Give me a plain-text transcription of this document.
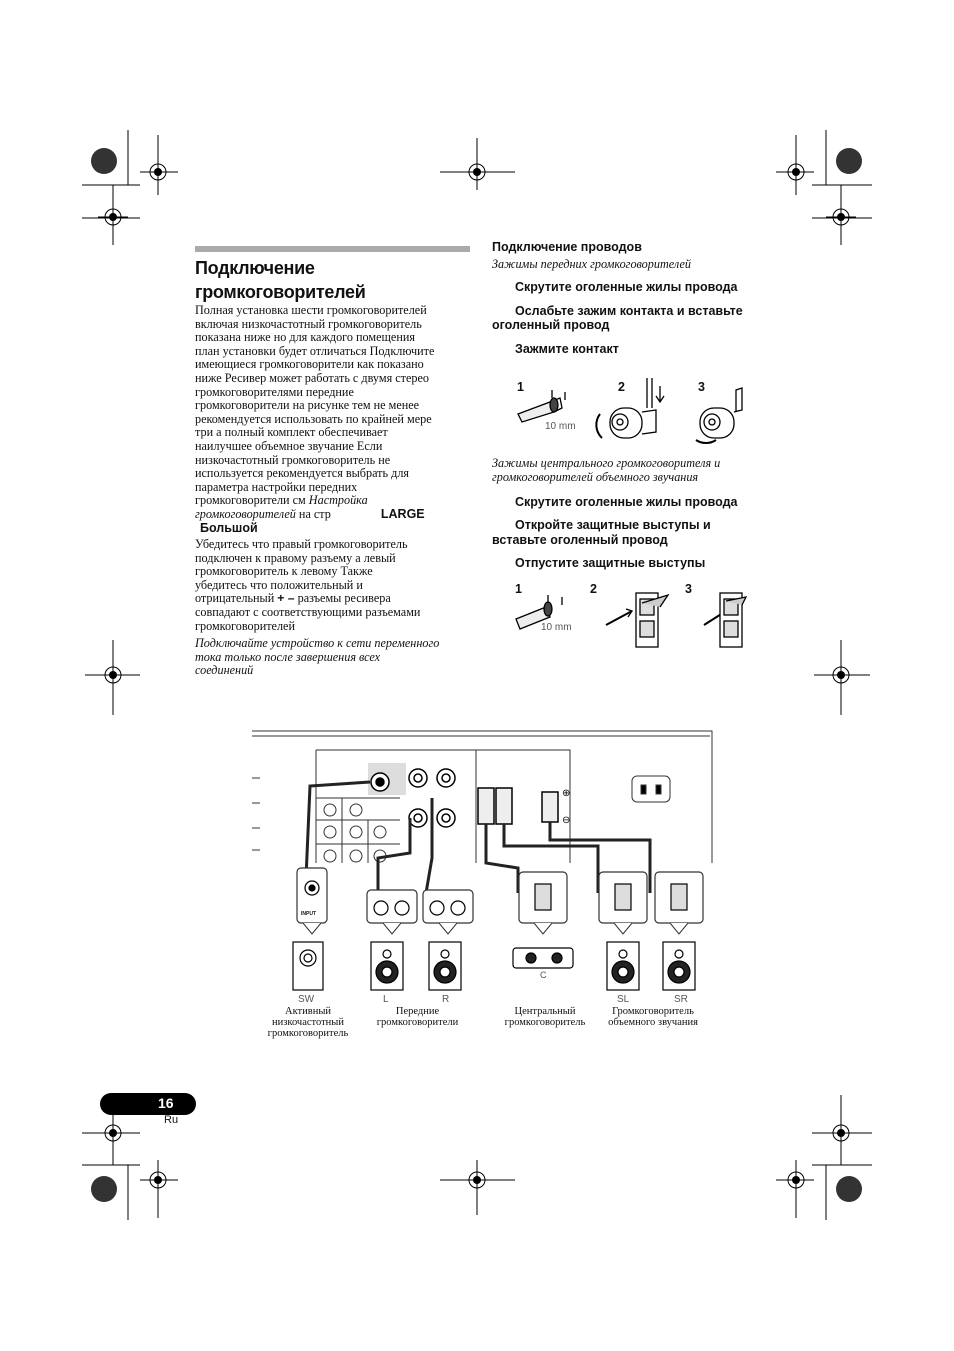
Подключение
громкоговорителей
Полная установка шести громкоговорителей
включая низкочастотный громкоговоритель
показана ниже но для каждого помещения
план установки будет отличаться Подключите
имеющиеся громкоговорители как показано
ниже Ресивер может работать с двумя стерео
громкоговорителями передние
громкоговорители на рисунке тем не менее
рекомендуется использовать по крайней мере
три а полный комплект обеспечивает
наилучшее объемное звучание Если
низкочастотный громкоговоритель не
используется рекомендуется выбрать для
параметра настройки передних
громкоговорители см Настройка
громкоговорителей на стр	LARGE
Большой
Убедитесь что правый громкоговоритель
подключен к правому разъему а левый
громкоговоритель к левому Также
убедитесь что положительный и
отрицательный + – разъемы ресивера
совпадают с соответствующими разъемами
громкоговорителей
Подключайте устройство к сети переменного
тока только после завершения всех
соединений
Подключение проводов
Зажимы передних громкоговорителей
Скрутите оголенные жилы провода
Ослабьте зажим контакта и вставьте
оголенный провод
Зажмите контакт
1	2	3
10 mm
Зажимы центрального громкоговорителя и
громкоговорителей объемного звучания
Скрутите оголенные жилы провода
Откройте защитные выступы и
вставьте оголенный провод
Отпустите защитные выступы
1	2	3
10 mm
⊕
⊖
INPUT
C
SW	L	R	SL	SR
Активный
низкочастотный
громкоговоритель
Передние
громкоговорители
Центральный
громкоговоритель
Громкоговоритель
объемного звучания
16
Ru
